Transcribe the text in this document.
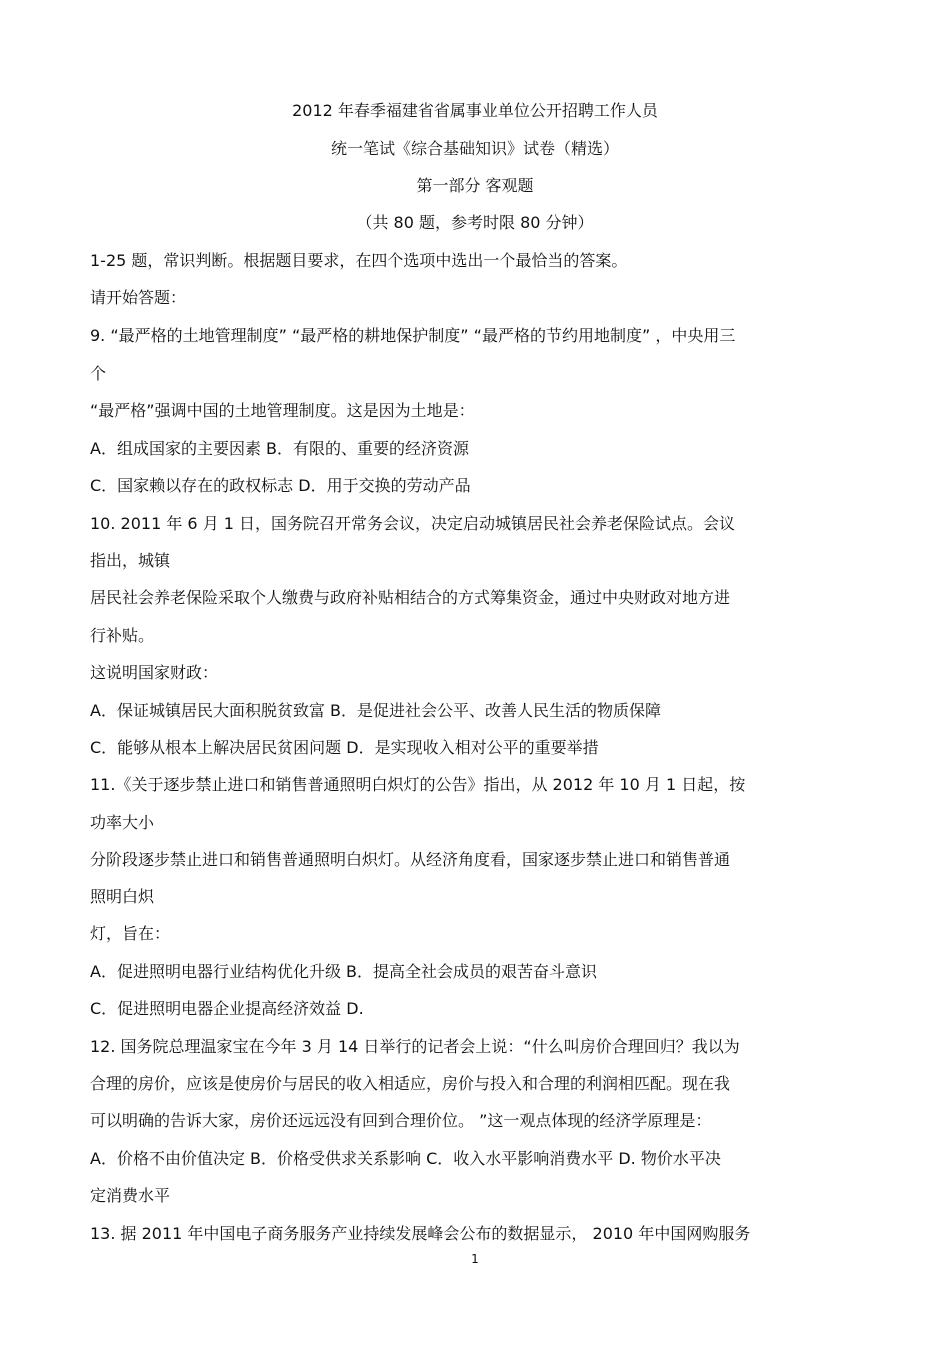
2012 年春季福建省省属事业单位公开招聘工作人员
统一笔试《综合基础知识》试卷（精选）
第一部分 客观题
（共 80 题，参考时限 80 分钟）
1-25 题，常识判断。根据题目要求，在四个选项中选出一个最恰当的答案。
请开始答题：
9. “最严格的土地管理制度” “最严格的耕地保护制度” “最严格的节约用地制度” ，中央用三
个
“最严格”强调中国的土地管理制度。这是因为土地是：
A．组成国家的主要因素 B．有限的、重要的经济资源
C．国家赖以存在的政权标志 D．用于交换的劳动产品
10. 2011 年 6 月 1 日，国务院召开常务会议，决定启动城镇居民社会养老保险试点。会议
指出，城镇
居民社会养老保险采取个人缴费与政府补贴相结合的方式筹集资金，通过中央财政对地方进
行补贴。
这说明国家财政：
A．保证城镇居民大面积脱贫致富 B．是促进社会公平、改善人民生活的物质保障
C．能够从根本上解决居民贫困问题 D．是实现收入相对公平的重要举措
11.《关于逐步禁止进口和销售普通照明白炽灯的公告》指出，从 2012 年 10 月 1 日起，按
功率大小
分阶段逐步禁止进口和销售普通照明白炽灯。从经济角度看，国家逐步禁止进口和销售普通
照明白炽
灯，旨在：
A．促进照明电器行业结构优化升级 B．提高全社会成员的艰苦奋斗意识
C．促进照明电器企业提高经济效益 D.
12. 国务院总理温家宝在今年 3 月 14 日举行的记者会上说：“什么叫房价合理回归？我以为
合理的房价，应该是使房价与居民的收入相适应，房价与投入和合理的利润相匹配。现在我
可以明确的告诉大家，房价还远远没有回到合理价位。 ”这一观点体现的经济学原理是：
A．价格不由价值决定 B．价格受供求关系影响 C．收入水平影响消费水平 D. 物价水平决
定消费水平
13. 据 2011 年中国电子商务服务产业持续发展峰会公布的数据显示， 2010 年中国网购服务
1
